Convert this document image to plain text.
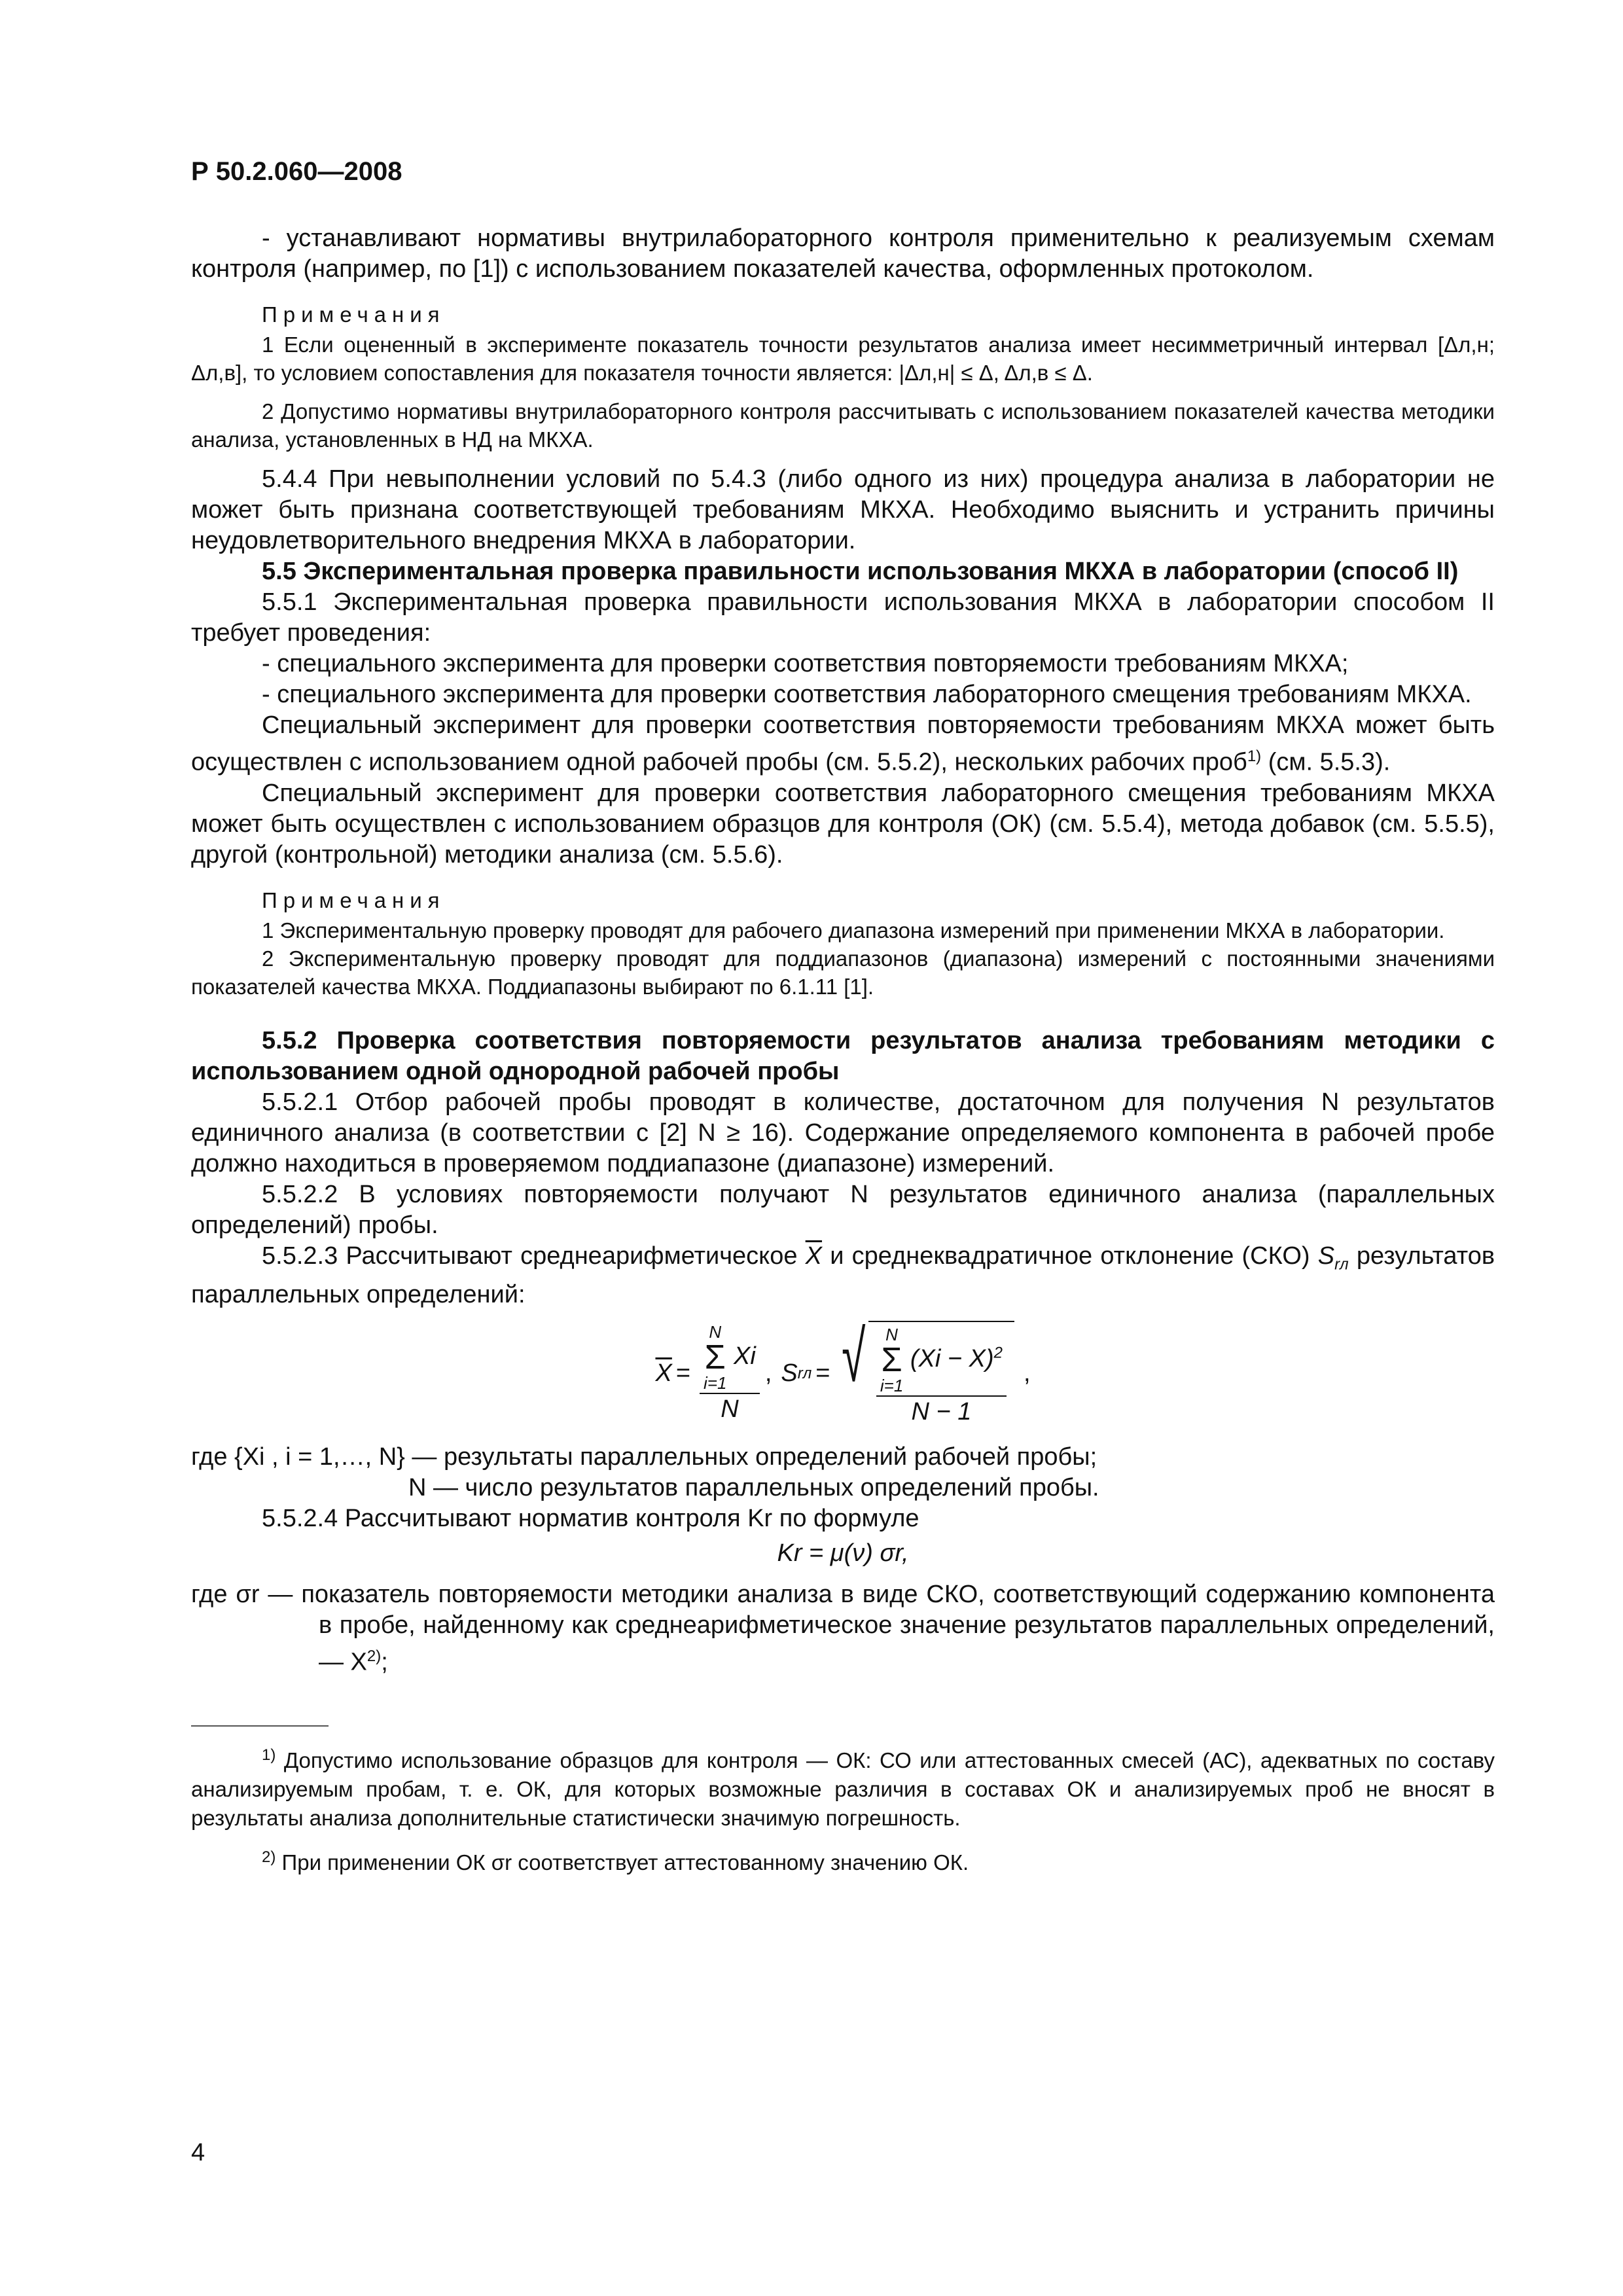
Р 50.2.060—2008

- устанавливают нормативы внутрилабораторного контроля применительно к реализуемым схемам контроля (например, по [1]) с использованием показателей качества, оформленных протоколом.

Примечания

1 Если оцененный в эксперименте показатель точности результатов анализа имеет несимметричный интервал [Δл,н; Δл,в], то условием сопоставления для показателя точности является: |Δл,н| ≤ Δ, Δл,в ≤ Δ.

2 Допустимо нормативы внутрилабораторного контроля рассчитывать с использованием показателей качества методики анализа, установленных в НД на МКХА.

5.4.4 При невыполнении условий по 5.4.3 (либо одного из них) процедура анализа в лаборатории не может быть признана соответствующей требованиям МКХА. Необходимо выяснить и устранить причины неудовлетворительного внедрения МКХА в лаборатории.

5.5 Экспериментальная проверка правильности использования МКХА в лаборатории (способ II)

5.5.1 Экспериментальная проверка правильности использования МКХА в лаборатории способом II требует проведения:

- специального эксперимента для проверки соответствия повторяемости требованиям МКХА;

- специального эксперимента для проверки соответствия лабораторного смещения требованиям МКХА.

Специальный эксперимент для проверки соответствия повторяемости требованиям МКХА может быть осуществлен с использованием одной рабочей пробы (см. 5.5.2), нескольких рабочих проб$^{1)}$ (см. 5.5.3).

Специальный эксперимент для проверки соответствия лабораторного смещения требованиям МКХА может быть осуществлен с использованием образцов для контроля (ОК) (см. 5.5.4), метода добавок (см. 5.5.5), другой (контрольной) методики анализа (см. 5.5.6).

Примечания

1 Экспериментальную проверку проводят для рабочего диапазона измерений при применении МКХА в лаборатории.

2 Экспериментальную проверку проводят для поддиапазонов (диапазона) измерений с постоянными значениями показателей качества МКХА. Поддиапазоны выбирают по 6.1.11 [1].

5.5.2 Проверка соответствия повторяемости результатов анализа требованиям методики с использованием одной однородной рабочей пробы

5.5.2.1 Отбор рабочей пробы проводят в количестве, достаточном для получения N результатов единичного анализа (в соответствии с [2] N ≥ 16). Содержание определяемого компонента в рабочей пробе должно находиться в проверяемом поддиапазоне (диапазоне) измерений.

5.5.2.2 В условиях повторяемости получают N результатов единичного анализа (параллельных определений) пробы.

5.5.2.3 Рассчитывают среднеарифметическое $\overline{X}$ и среднеквадратичное отклонение (СКО) $S_{rл}$ результатов параллельных определений:

$\overline{X} = N$
Σ
i=1
Xi
N , S rл = √ N
Σ
i=1
$(Xi - X)^2$
N − 1
,

где {Xi , i = 1,…, N} — результаты параллельных определений рабочей пробы;

N — число результатов параллельных определений пробы.

5.5.2.4 Рассчитывают норматив контроля Kr по формуле

Kr = μ(ν) σr,

где σr — показатель повторяемости методики анализа в виде СКО, соответствующий содержанию компонента в пробе, найденному как среднеарифметическое значение результатов параллельных определений, — $X^{2)}$;

$^{1)}$ Допустимо использование образцов для контроля — ОК: СО или аттестованных смесей (АС), адекватных по составу анализируемым пробам, т. е. ОК, для которых возможные различия в составах ОК и анализируемых проб не вносят в результаты анализа дополнительные статистически значимую погрешность.

$^{2)}$ При применении ОК σr соответствует аттестованному значению ОК.

4
